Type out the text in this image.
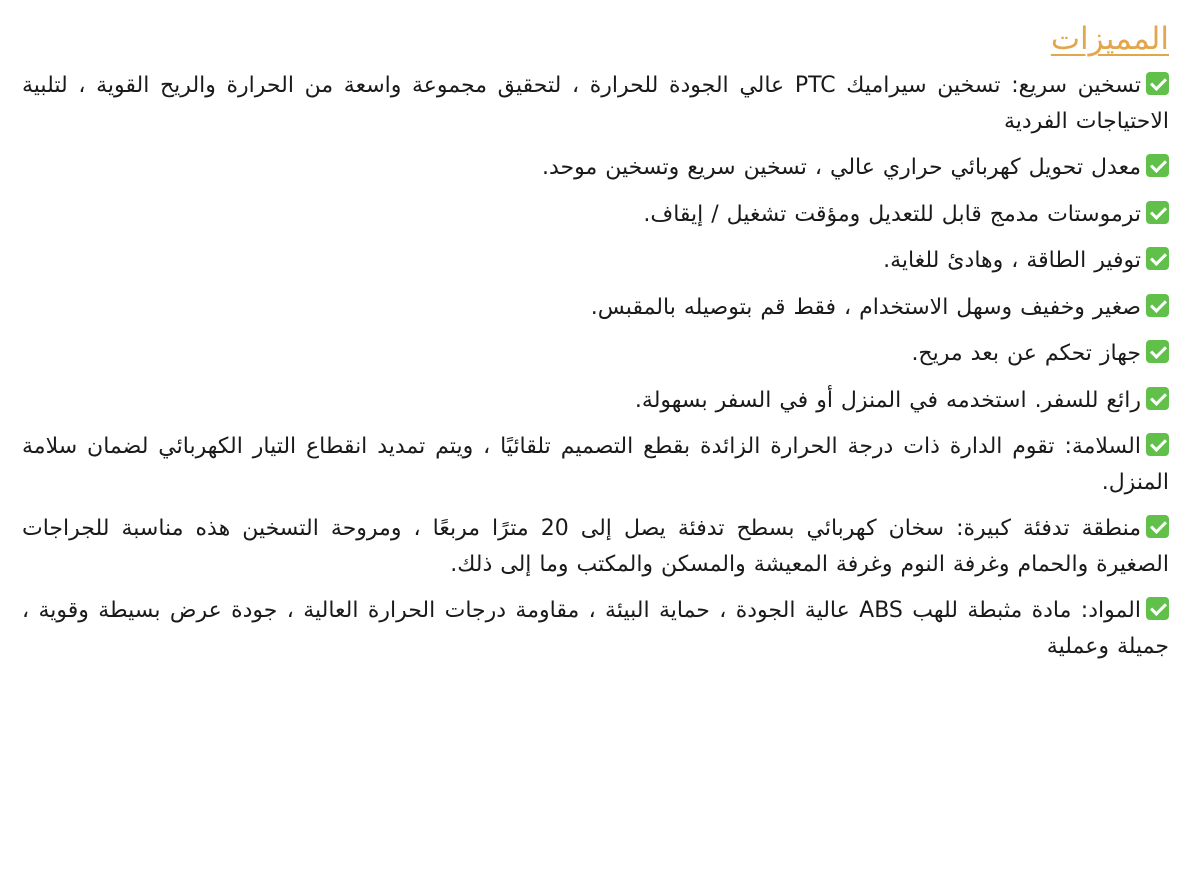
المميزات
تسخين سريع: تسخين سيراميك PTC عالي الجودة للحرارة ، لتحقيق مجموعة واسعة من الحرارة والريح القوية ، لتلبية الاحتياجات الفردية
معدل تحويل كهربائي حراري عالي ، تسخين سريع وتسخين موحد.
ترموستات مدمج قابل للتعديل ومؤقت تشغيل / إيقاف.
توفير الطاقة ، وهادئ للغاية.
صغير وخفيف وسهل الاستخدام ، فقط قم بتوصيله بالمقبس.
جهاز تحكم عن بعد مريح.
رائع للسفر. استخدمه في المنزل أو في السفر بسهولة.
السلامة: تقوم الدارة ذات درجة الحرارة الزائدة بقطع التصميم تلقائيًا ، ويتم تمديد انقطاع التيار الكهربائي لضمان سلامة المنزل.
منطقة تدفئة كبيرة: سخان كهربائي بسطح تدفئة يصل إلى 20 مترًا مربعًا ، ومروحة التسخين هذه مناسبة للجراجات الصغيرة والحمام وغرفة النوم وغرفة المعيشة والمسكن والمكتب وما إلى ذلك.
المواد: مادة مثبطة للهب ABS عالية الجودة ، حماية البيئة ، مقاومة درجات الحرارة العالية ، جودة عرض بسيطة وقوية ، جميلة وعملية
